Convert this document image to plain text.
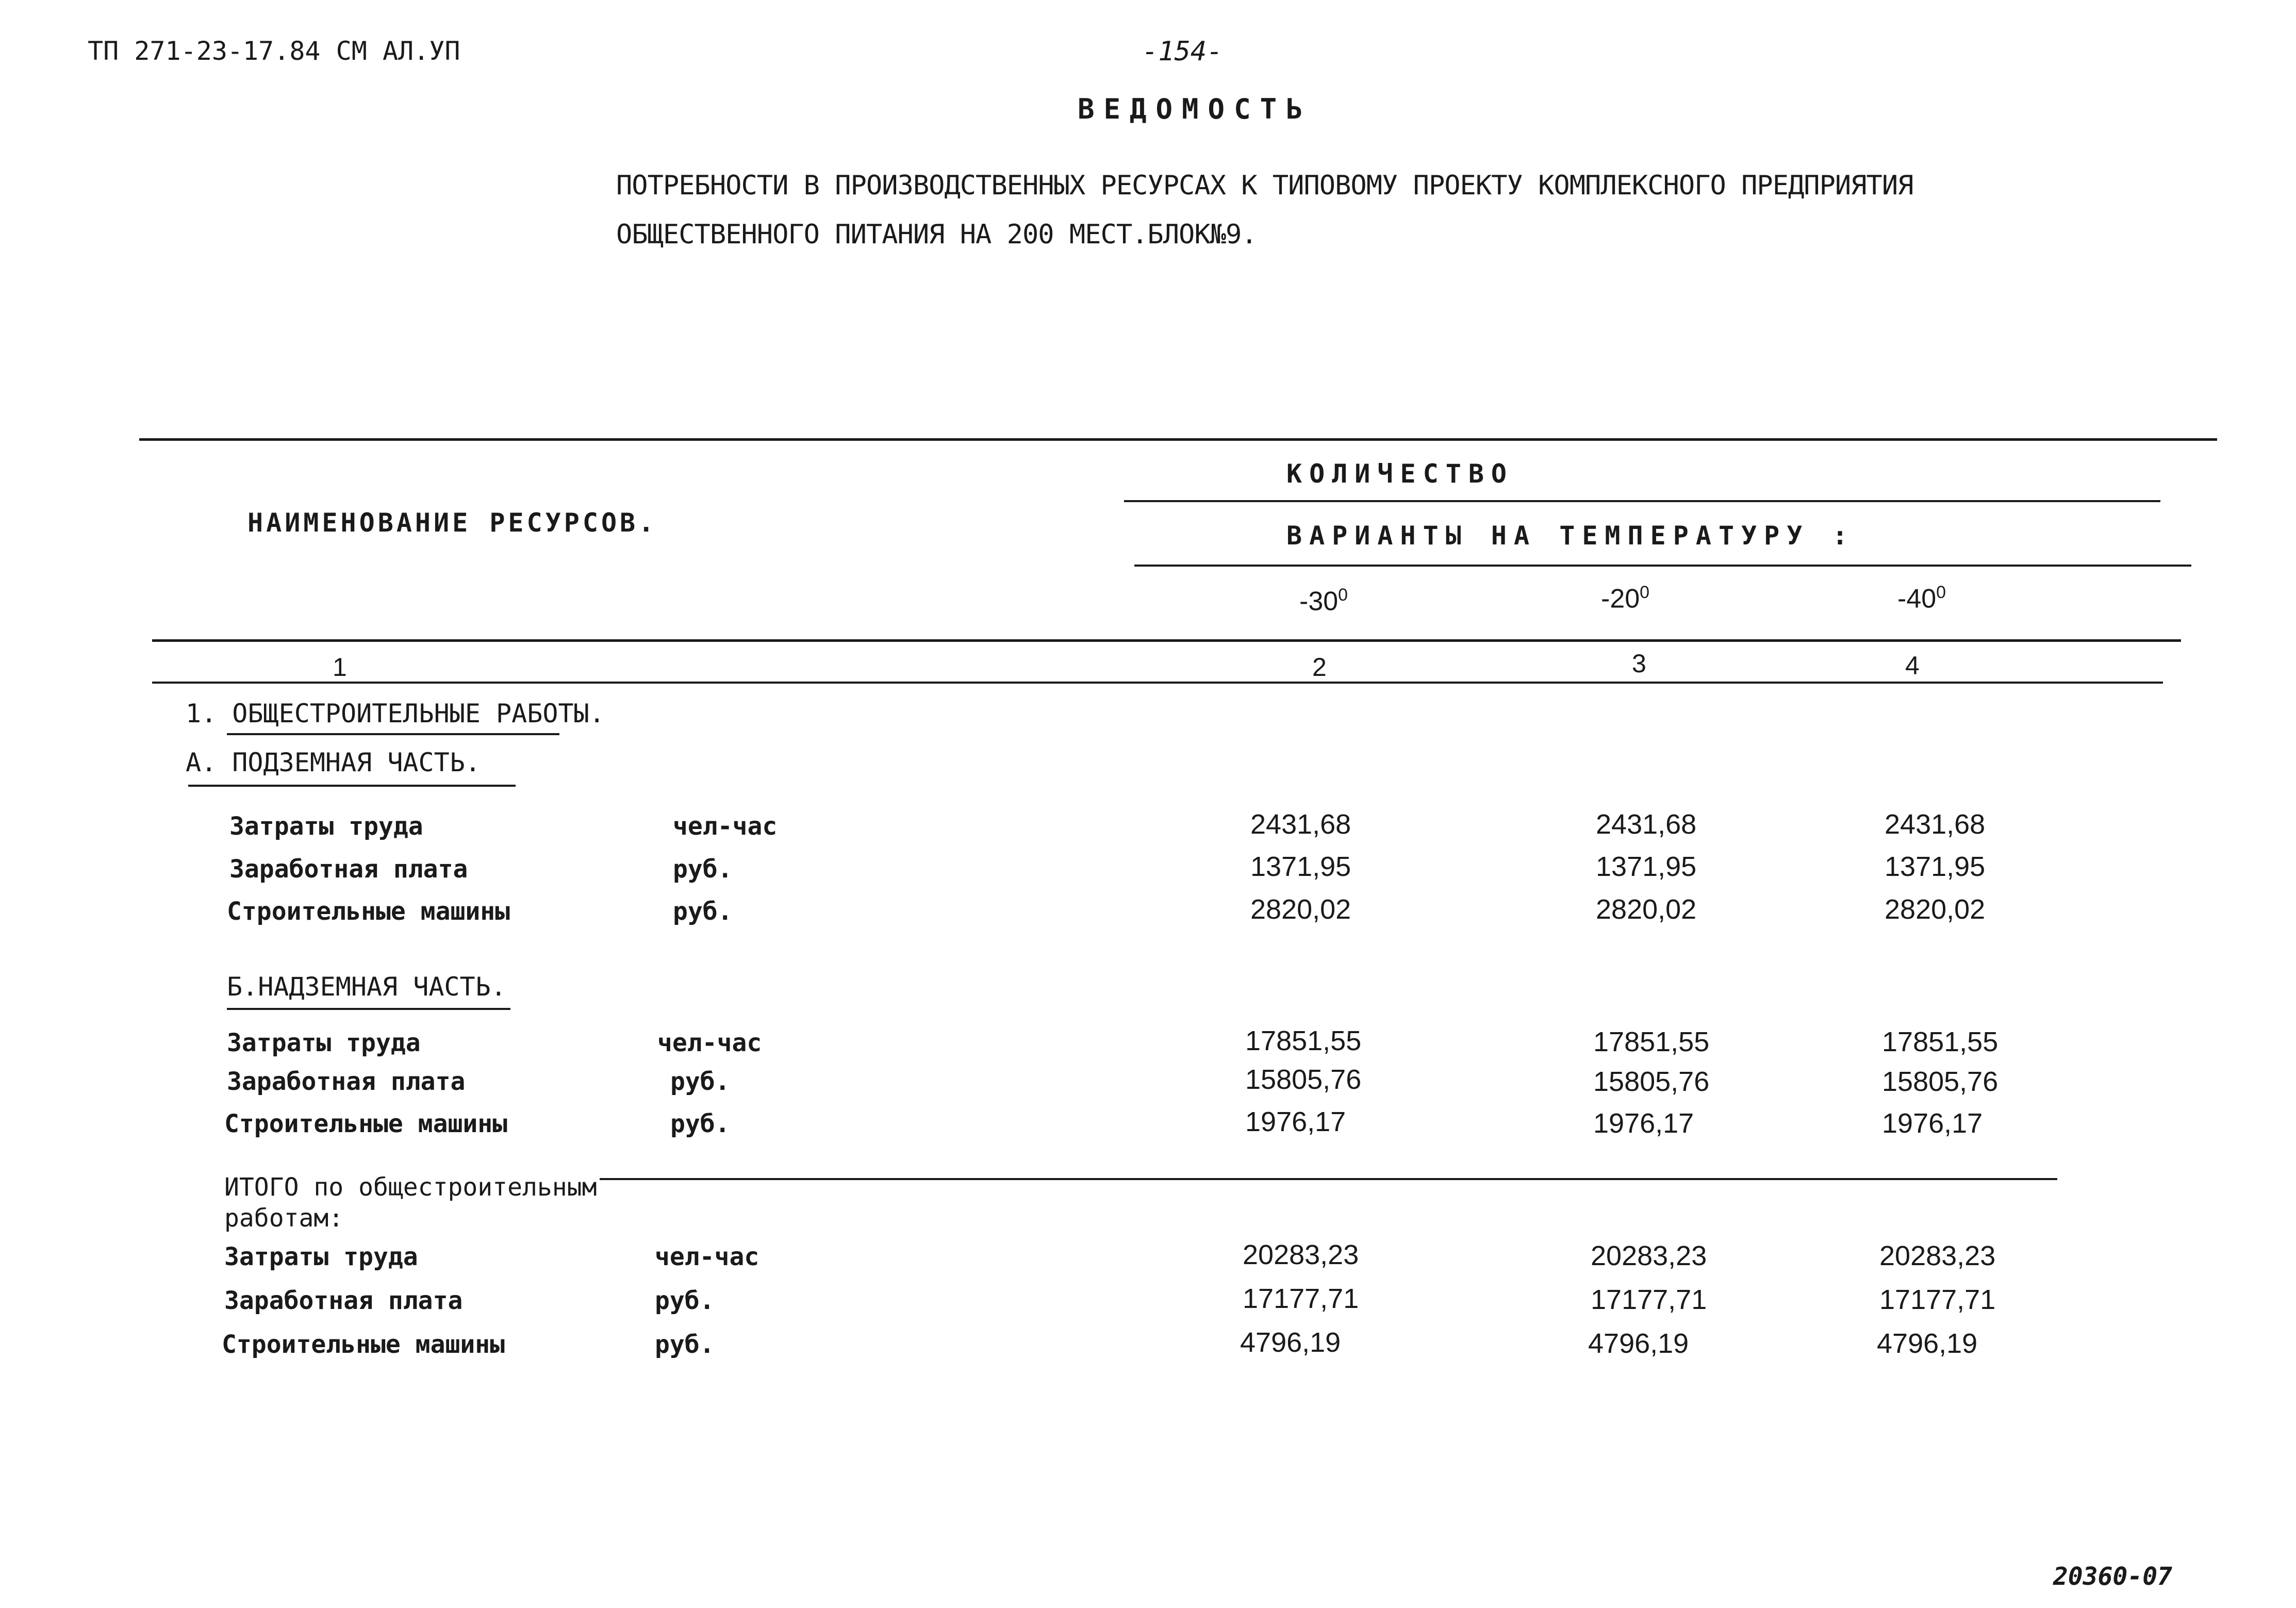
ТП 271-23-17.84 СМ АЛ.УП	-154-
ВЕДОМОСТЬ
ПОТРЕБНОСТИ В ПРОИЗВОДСТВЕННЫХ РЕСУРСАХ К ТИПОВОМУ ПРОЕКТУ КОМПЛЕКСНОГО ПРЕДПРИЯТИЯ
ОБЩЕСТВЕННОГО ПИТАНИЯ НА 200 МЕСТ.БЛОК№9.
НАИМЕНОВАНИЕ РЕСУРСОВ.
КОЛИЧЕСТВО
ВАРИАНТЫ НА ТЕМПЕРАТУРУ :
$-30^0$	$-20^0$	$-40^0$
1	2	3	4
1. ОБЩЕСТРОИТЕЛЬНЫЕ РАБОТЫ.
А. ПОДЗЕМНАЯ ЧАСТЬ.
Затраты труда	чел-час	2431,68	2431,68	2431,68
Заработная плата	руб.	1371,95	1371,95	1371,95
Строительные машины	руб.	2820,02	2820,02	2820,02
Б.НАДЗЕМНАЯ ЧАСТЬ.
Затраты труда	чел-час	17851,55	17851,55	17851,55
Заработная плата	руб.	15805,76	15805,76	15805,76
Строительные машины	руб.	1976,17	1976,17	1976,17
ИТОГО по общестроительным
работам:
Затраты труда	чел-час	20283,23	20283,23	20283,23
Заработная плата	руб.	17177,71	17177,71	17177,71
Строительные машины	руб.	4796,19	4796,19	4796,19
20360-07
